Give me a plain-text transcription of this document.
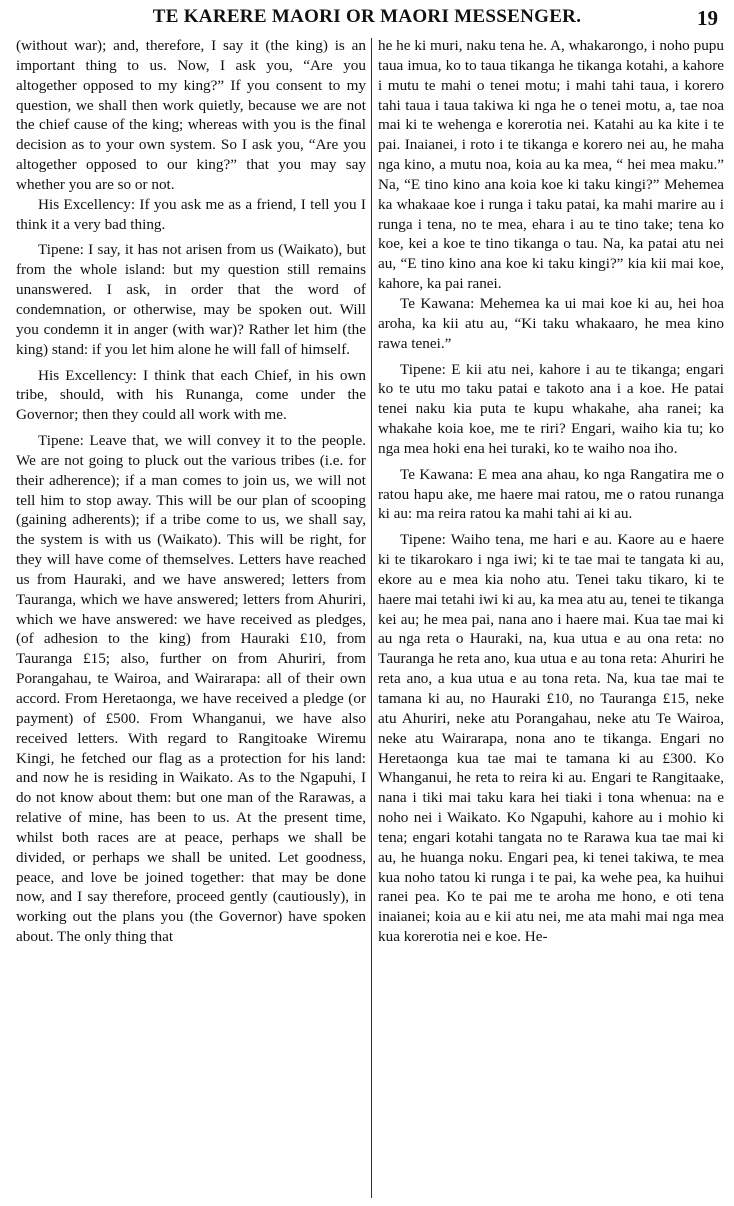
TE KARERE MAORI OR MAORI MESSENGER.	19

(without war); and, therefore, I say it (the king) is an important thing to us. Now, I ask you, “Are you altogether opposed to my king?” If you consent to my question, we shall then work quietly, because we are not the chief cause of the king; whereas with you is the final decision as to your own system. So I ask you, “Are you altogether opposed to our king?” that you may say whether you are so or not.

His Excellency: If you ask me as a friend, I tell you I think it a very bad thing.

Tipene: I say, it has not arisen from us (Waikato), but from the whole island: but my question still remains unanswered. I ask, in order that the word of condemnation, or otherwise, may be spoken out. Will you condemn it in anger (with war)? Rather let him (the king) stand: if you let him alone he will fall of himself.

His Excellency: I think that each Chief, in his own tribe, should, with his Runanga, come under the Governor; then they could all work with me.

Tipene: Leave that, we will convey it to the people. We are not going to pluck out the various tribes (i.e. for their adherence); if a man comes to join us, we will not tell him to stop away. This will be our plan of scooping (gaining adherents); if a tribe come to us, we shall say, the system is with us (Waikato). This will be right, for they will have come of themselves. Letters have reached us from Hauraki, and we have answered; letters from Tauranga, which we have answered; letters from Ahuriri, which we have answered: we have received as pledges, (of adhesion to the king) from Hauraki £10, from Tauranga £15; also, further on from Ahuriri, from Porangahau, te Wairoa, and Wairarapa: all of their own accord. From Heretaonga, we have received a pledge (or payment) of £500. From Whanganui, we have also received letters. With regard to Rangitoake Wiremu Kingi, he fetched our flag as a protection for his land: and now he is residing in Waikato. As to the Ngapuhi, I do not know about them: but one man of the Rarawas, a relative of mine, has been to us. At the present time, whilst both races are at peace, perhaps we shall be divided, or perhaps we shall be united. Let goodness, peace, and love be joined together: that may be done now, and I say therefore, proceed gently (cautiously), in working out the plans you (the Governor) have spoken about. The only thing that

he he ki muri, naku tena he. A, whakarongo, i noho pupu taua imua, ko to taua tikanga he tikanga kotahi, a kahore i mutu te mahi o tenei motu; i mahi tahi taua, i korero tahi taua i taua takiwa ki nga he o tenei motu, a, tae noa mai ki te wehenga e korerotia nei. Katahi au ka kite i te pai. Inaianei, i roto i te tikanga e korero nei au, he maha nga kino, a mutu noa, koia au ka mea, “ hei mea maku.” Na, “E tino kino ana koia koe ki taku kingi?” Mehemea ka whakaae koe i runga i taku patai, ka mahi marire au i runga i tena, no te mea, ehara i au te tino take; tena ko koe, kei a koe te tino tikanga o tau. Na, ka patai atu nei au, “E tino kino ana koe ki taku kingi?” kia kii mai koe, kahore, ka pai ranei.

Te Kawana: Mehemea ka ui mai koe ki au, hei hoa aroha, ka kii atu au, “Ki taku whakaaro, he mea kino rawa tenei.”

Tipene: E kii atu nei, kahore i au te tikanga; engari ko te utu mo taku patai e takoto ana i a koe. He patai tenei naku kia puta te kupu whakahe, aha ranei; ka whakahe koia koe, me te riri? Engari, waiho kia tu; ko nga mea hoki ena hei turaki, ko te waiho noa iho.

Te Kawana: E mea ana ahau, ko nga Rangatira me o ratou hapu ake, me haere mai ratou, me o ratou runanga ki au: ma reira ratou ka mahi tahi ai ki au.

Tipene: Waiho tena, me hari e au. Kaore au e haere ki te tikarokaro i nga iwi; ki te tae mai te tangata ki au, ekore au e mea kia noho atu. Tenei taku tikaro, ki te haere mai tetahi iwi ki au, ka mea atu au, tenei te tikanga kei au; he mea pai, nana ano i haere mai. Kua tae mai ki au nga reta o Hauraki, na, kua utua e au ona reta: no Tauranga he reta ano, kua utua e au tona reta: Ahuriri he reta ano, a kua utua e au tona reta. Na, kua tae mai te tamana ki au, no Hauraki £10, no Tauranga £15, neke atu Ahuriri, neke atu Porangahau, neke atu Te Wairoa, neke atu Wairarapa, nona ano te tikanga. Engari no Heretaonga kua tae mai te tamana ki au £300. Ko Whanganui, he reta to reira ki au. Engari te Rangitaake, nana i tiki mai taku kara hei tiaki i tona whenua: na e noho nei i Waikato. Ko Ngapuhi, kahore au i mohio ki tena; engari kotahi tangata no te Rarawa kua tae mai ki au, he huanga noku. Engari pea, ki tenei takiwa, te mea kua noho tatou ki runga i te pai, ka wehe pea, ka huihui ranei pea. Ko te pai me te aroha me hono, e oti tena inaianei; koia au e kii atu nei, me ata mahi mai nga mea kua korerotia nei e koe. He-
